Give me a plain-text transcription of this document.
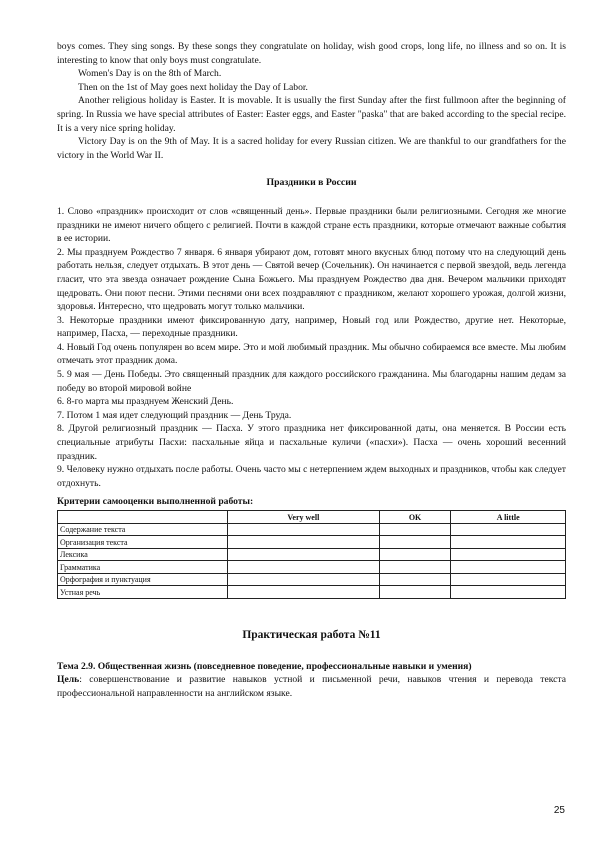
boys comes. They sing songs. By these songs they congratulate on holiday, wish good crops, long life, no illness and so on. It is interesting to know that only boys must congratulate.

Women's Day is on the 8th of March.

Then on the 1st of May goes next holiday the Day of Labor.

Another religious holiday is Easter. It is movable. It is usually the first Sunday after the first fullmoon after the beginning of spring. In Russia we have special attributes of Easter: Easter eggs, and Easter "paska" that are baked according to the special recipe. It is a very nice spring holiday.

Victory Day is on the 9th of May. It is a sacred holiday for every Russian citizen. We are thankful to our grandfathers for the victory in the World War II.

Праздники в России

1. Слово «праздник» происходит от слов «священный день». Первые праздники были религиозными. Сегодня же многие праздники не имеют ничего общего с религией. Почти в каждой стране есть праздники, которые отмечают важные события в ее истории.

2. Мы празднуем Рождество 7 января. 6 января убирают дом, готовят много вкусных блюд потому что на следующий день работать нельзя, следует отдыхать. В этот день — Святой вечер (Сочельник). Он начинается с первой звездой, ведь легенда гласит, что эта звезда означает рождение Сына Божьего. Мы празднуем Рождество два дня. Вечером мальчики приходят щедровать. Они поют песни. Этими песнями они всех поздравляют с праздником, желают хорошего урожая, долгой жизни, здоровья. Интересно, что щедровать могут только мальчики.

3. Некоторые праздники имеют фиксированную дату, например, Новый год или Рождество, другие нет. Некоторые, например, Пасха, — переходные праздники.

4. Новый Год очень популярен во всем мире. Это и мой любимый праздник. Мы обычно собираемся все вместе. Мы любим отмечать этот праздник дома.

5. 9 мая — День Победы. Это священный праздник для каждого российского гражданина. Мы благодарны нашим дедам за победу во второй мировой войне

6. 8-го марта мы празднуем Женский День.

7. Потом 1 мая идет следующий праздник — День Труда.

8. Другой религиозный праздник — Пасха. У этого праздника нет фиксированной даты, она меняется. В России есть специальные атрибуты Пасхи: пасхальные яйца и пасхальные куличи («пасхи»). Пасха — очень хороший весенний праздник.

9. Человеку нужно отдыхать после работы. Очень часто мы с нетерпением ждем выходных и праздников, чтобы как следует отдохнуть.

Критерии самооценки выполненной работы:

	Very well	OK	A little
Содержание текста			
Организация текста			
Лексика			
Грамматика			
Орфография и пунктуация			
Устная речь			

Практическая работа №11

Тема 2.9. Общественная жизнь (повседневное поведение, профессиональные навыки и умения)

Цель: совершенствование и развитие навыков устной и письменной речи, навыков чтения и перевода текста профессиональной направленности на английском языке.

25
